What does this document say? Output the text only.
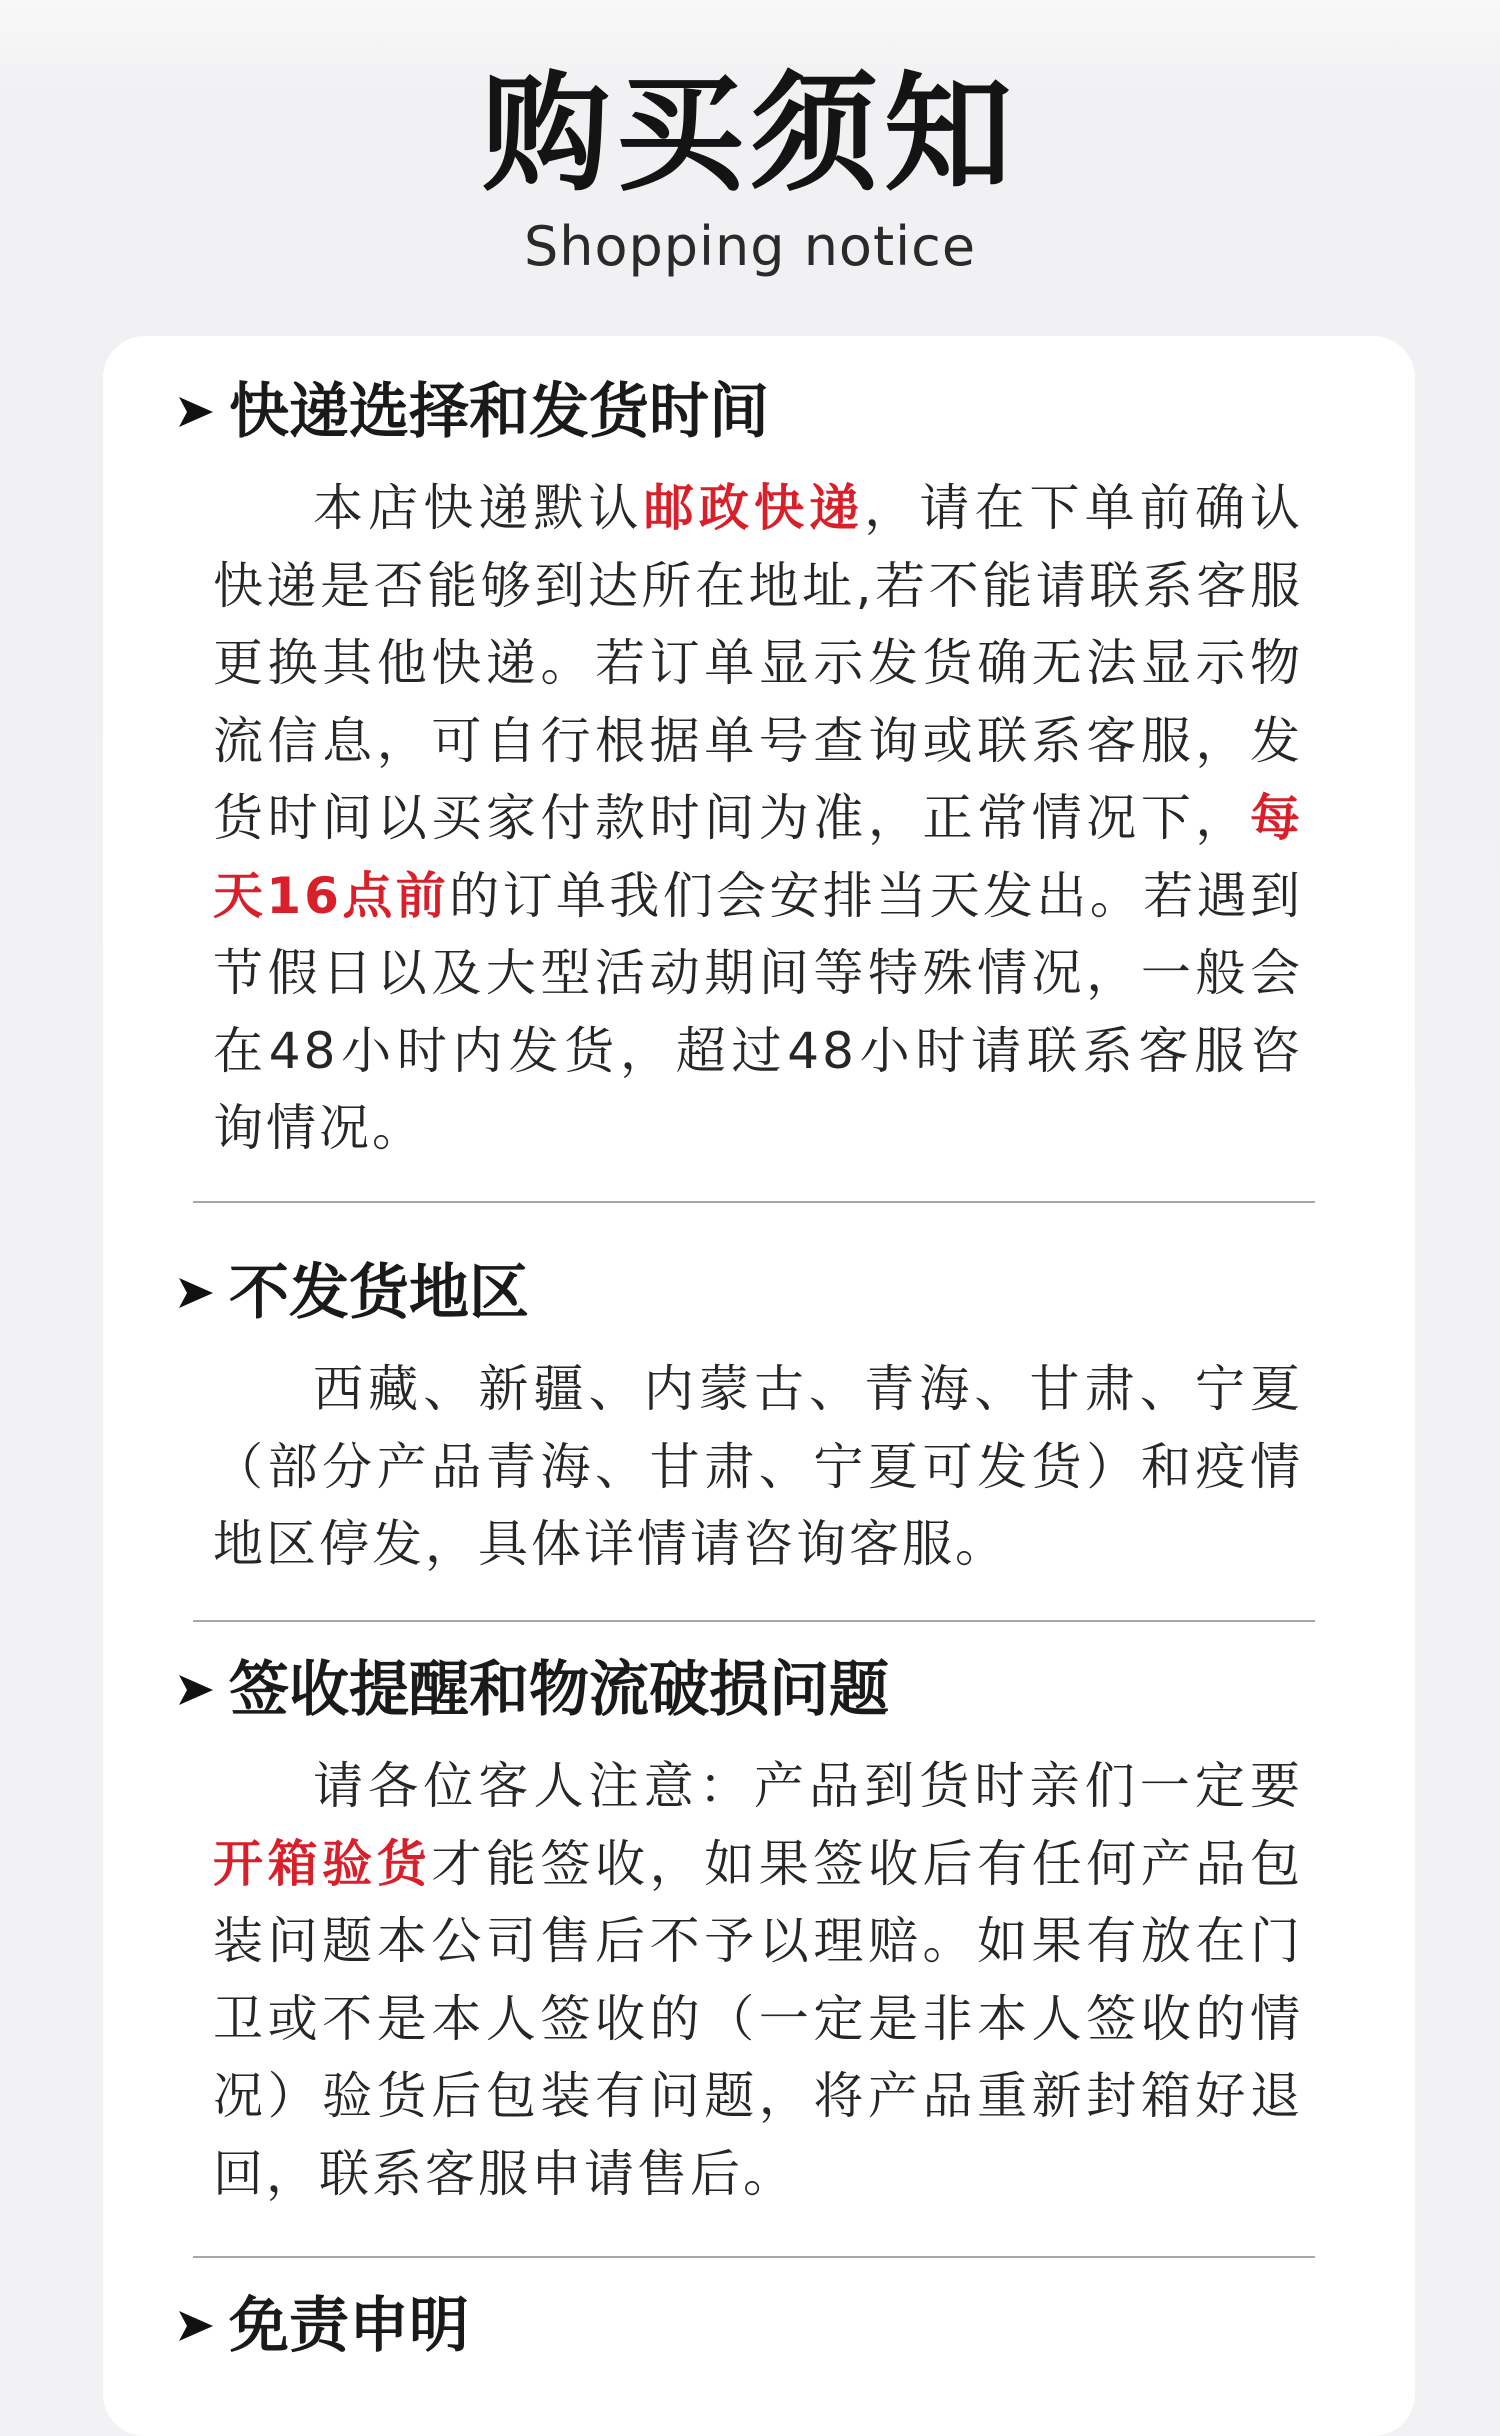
购买须知
Shopping notice
快递选择和发货时间
本店快递默认邮政快递，请在下单前确认快递是否能够到达所在地址,若不能请联系客服更换其他快递。若订单显示发货确无法显示物流信息，可自行根据单号查询或联系客服，发货时间以买家付款时间为准，正常情况下，每天16点前的订单我们会安排当天发出。若遇到节假日以及大型活动期间等特殊情况，一般会在48小时内发货，超过48小时请联系客服咨询情况。
不发货地区
西藏、新疆、内蒙古、青海、甘肃、宁夏（部分产品青海、甘肃、宁夏可发货）和疫情地区停发，具体详情请咨询客服。
签收提醒和物流破损问题
请各位客人注意：产品到货时亲们一定要开箱验货才能签收，如果签收后有任何产品包装问题本公司售后不予以理赔。如果有放在门卫或不是本人签收的（一定是非本人签收的情况）验货后包装有问题，将产品重新封箱好退回，联系客服申请售后。
免责申明
